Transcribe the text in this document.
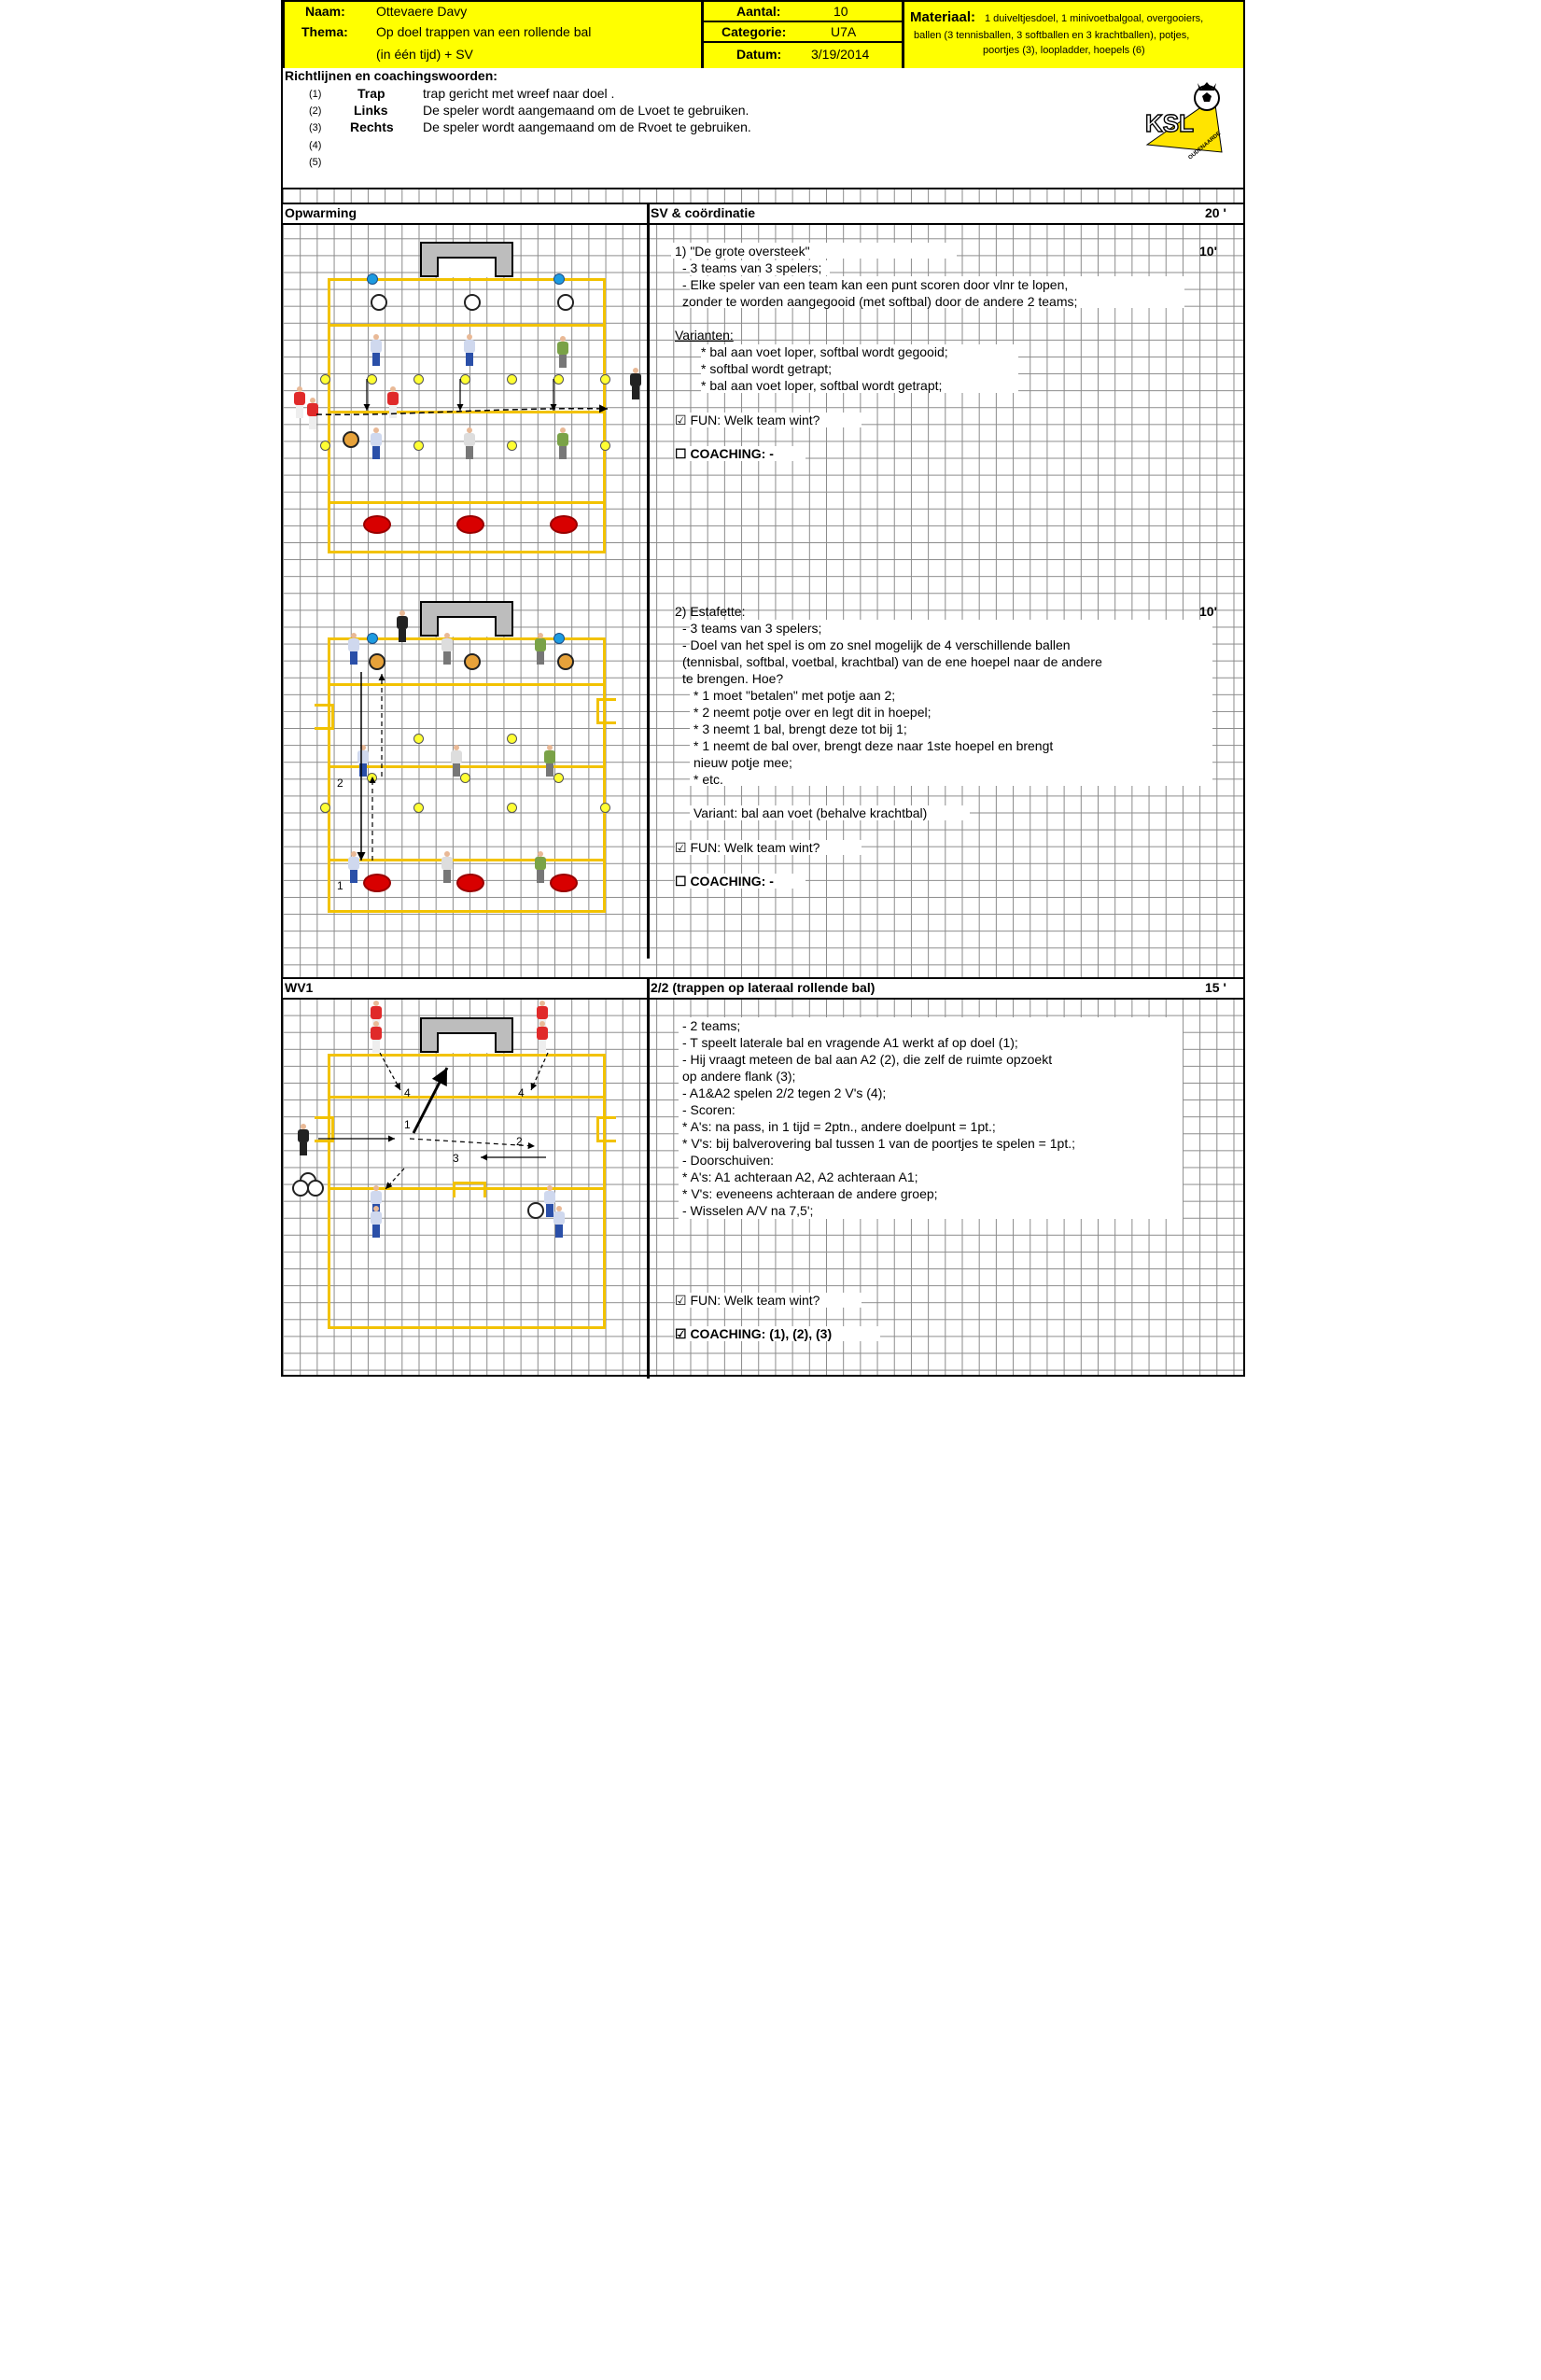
Naam: Ottevaere Davy
Thema: Op doel trappen van een rollende bal
(in één tijd) + SV
Aantal:	10
Categorie:	U7A
Datum: 3/19/2014
Materiaal: 1 duiveltjesdoel, 1 minivoetbalgoal, overgooiers,
ballen (3 tennisballen, 3 softballen en 3 krachtballen), potjes,
poortjes (3), loopladder, hoepels (6)
Richtlijnen en coachingswoorden:
(1)	Trap	trap gericht met wreef naar doel .
(2) Links	De speler wordt aangemaand om de Lvoet te gebruiken.
(3) Rechts De speler wordt aangemaand om de Rvoet te gebruiken.
(4)
(5)
KSL
OUDENAARDE
Opwarming	SV & coördinatie	20 '
1) "De grote oversteek"	10'
- 3 teams van 3 spelers;
- Elke speler van een team kan een punt scoren door vlnr te lopen,
zonder te worden aangegooid (met softbal) door de andere 2 teams;
Varianten:
* bal aan voet loper, softbal wordt gegooid;
* softbal wordt getrapt;
* bal aan voet loper, softbal wordt getrapt;
☑ FUN: Welk team wint?
☐ COACHING: -
2) Estafette:	10'
- 3 teams van 3 spelers;
- Doel van het spel is om zo snel mogelijk de 4 verschillende ballen
(tennisbal, softbal, voetbal, krachtbal) van de ene hoepel naar de andere
te brengen. Hoe?
* 1 moet "betalen" met potje aan 2;
* 2 neemt potje over en legt dit in hoepel;
* 3 neemt 1 bal, brengt deze tot bij 1;
* 1 neemt de bal over, brengt deze naar 1ste hoepel en brengt
nieuw potje mee;
* etc.
Variant: bal aan voet (behalve krachtbal)
☑ FUN: Welk team wint?
☐ COACHING: -
2
1
WV1	2/2 (trappen op lateraal rollende bal)	15 '
- 2 teams;
- T speelt laterale bal en vragende A1 werkt af op doel (1);
- Hij vraagt meteen de bal aan A2 (2), die zelf de ruimte opzoekt
op andere flank (3);
- A1&A2 spelen 2/2 tegen 2 V's (4);
- Scoren:
* A's: na pass, in 1 tijd = 2ptn., andere doelpunt = 1pt.;
* V's: bij balverovering bal tussen 1 van de poortjes te spelen = 1pt.;
- Doorschuiven:
* A's: A1 achteraan A2, A2 achteraan A1;
* V's: eveneens achteraan de andere groep;
- Wisselen A/V na 7,5';
☑ FUN: Welk team wint?
☑ COACHING: (1), (2), (3)
4	4
1
2
3
